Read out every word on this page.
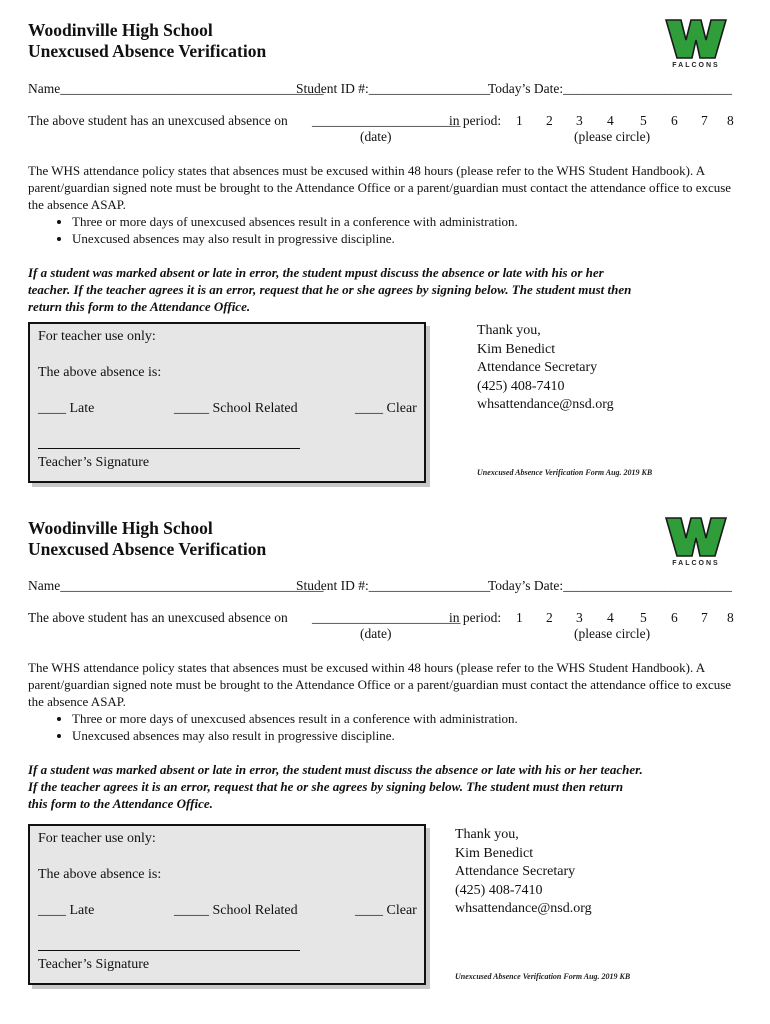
Woodinville High School
Unexcused Absence Verification
FALCONS
Name_______________________________________
Student ID #:__________________
Today’s Date:_________________________
The above student has an unexcused absence on ______________________
in period: 1 2 3 4 5 6 7 8
(date)	(please circle)

The WHS attendance policy states that absences must be excused within 48 hours (please refer to the WHS Student Handbook). A parent/guardian signed note must be brought to the Attendance Office or a parent/guardian must contact the attendance office to excuse the absence ASAP.

• Three or more days of unexcused absences result in a conference with administration.
• Unexcused absences may also result in progressive discipline.
If a student was marked absent or late in error, the student mpust discuss the absence or late with his or her
teacher. If the teacher agrees it is an error, request that he or she agrees by signing below. The student must then
return this form to the Attendance Office.
For teacher use only:
The above absence is:
____ Late	_____ School Related	____ Clear
Teacher’s Signature
Thank you,
Kim Benedict
Attendance Secretary
(425) 408-7410
whsattendance@nsd.org
Unexcused Absence Verification Form Aug. 2019 KB
Woodinville High School
Unexcused Absence Verification
FALCONS
Name_______________________________________
Student ID #:__________________
Today’s Date:_________________________
The above student has an unexcused absence on ______________________
in period: 1 2 3 4 5 6 7 8
(date)	(please circle)

The WHS attendance policy states that absences must be excused within 48 hours (please refer to the WHS Student Handbook). A parent/guardian signed note must be brought to the Attendance Office or a parent/guardian must contact the attendance office to excuse the absence ASAP.

• Three or more days of unexcused absences result in a conference with administration.
• Unexcused absences may also result in progressive discipline.
If a student was marked absent or late in error, the student must discuss the absence or late with his or her teacher.
If the teacher agrees it is an error, request that he or she agrees by signing below. The student must then return
this form to the Attendance Office.
For teacher use only:
The above absence is:
____ Late	_____ School Related	____ Clear
Teacher’s Signature
Thank you,
Kim Benedict
Attendance Secretary
(425) 408-7410
whsattendance@nsd.org
Unexcused Absence Verification Form Aug. 2019 KB
